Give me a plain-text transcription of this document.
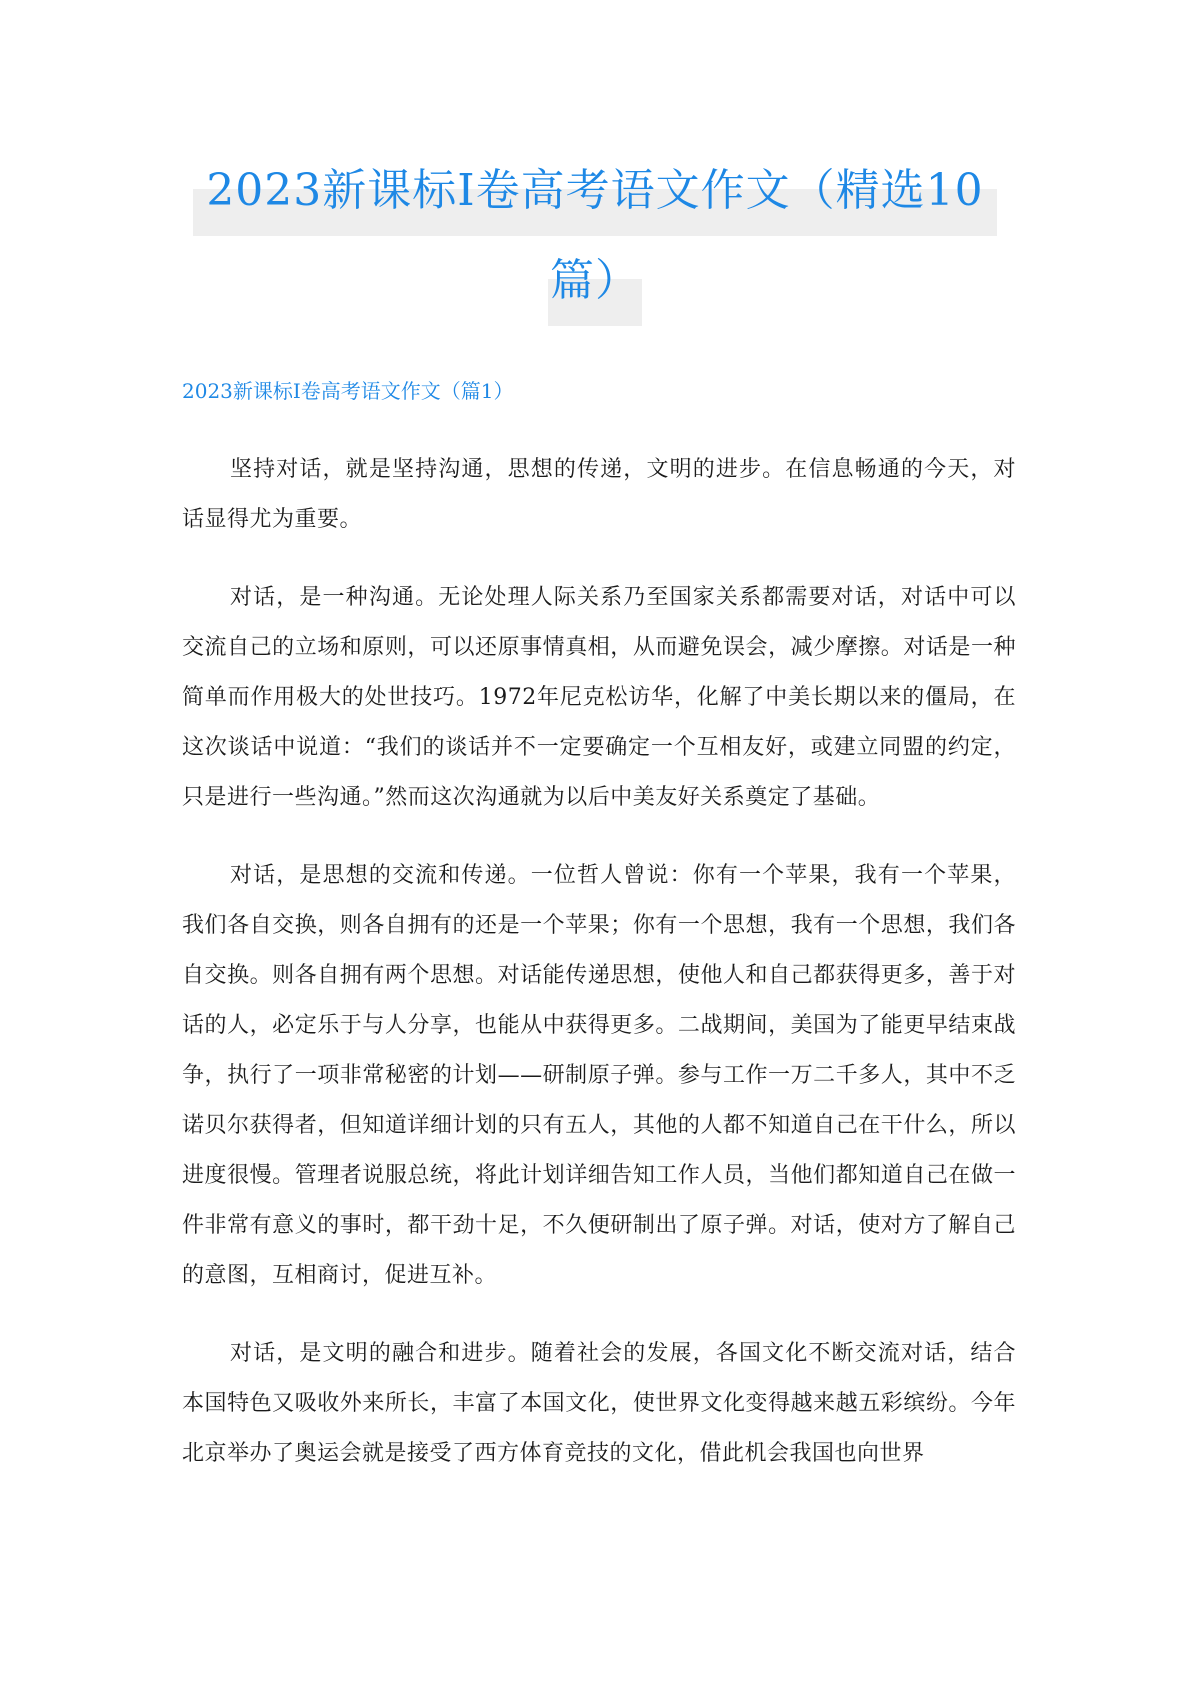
2023新课标Ⅰ卷高考语文作文（精选10
篇）
2023新课标Ⅰ卷高考语文作文（篇1）

坚持对话，就是坚持沟通，思想的传递，文明的进步。在信息畅通的今天，对话显得尤为重要。

对话，是一种沟通。无论处理人际关系乃至国家关系都需要对话，对话中可以交流自己的立场和原则，可以还原事情真相，从而避免误会，减少摩擦。对话是一种简单而作用极大的处世技巧。1972年尼克松访华，化解了中美长期以来的僵局，在这次谈话中说道：“我们的谈话并不一定要确定一个互相友好，或建立同盟的约定，只是进行一些沟通。”然而这次沟通就为以后中美友好关系奠定了基础。

对话，是思想的交流和传递。一位哲人曾说：你有一个苹果，我有一个苹果，我们各自交换，则各自拥有的还是一个苹果；你有一个思想，我有一个思想，我们各自交换。则各自拥有两个思想。对话能传递思想，使他人和自己都获得更多，善于对话的人，必定乐于与人分享，也能从中获得更多。二战期间，美国为了能更早结束战争，执行了一项非常秘密的计划——研制原子弹。参与工作一万二千多人，其中不乏诺贝尔获得者，但知道详细计划的只有五人，其他的人都不知道自己在干什么，所以进度很慢。管理者说服总统，将此计划详细告知工作人员，当他们都知道自己在做一件非常有意义的事时，都干劲十足，不久便研制出了原子弹。对话，使对方了解自己的意图，互相商讨，促进互补。

对话，是文明的融合和进步。随着社会的发展，各国文化不断交流对话，结合本国特色又吸收外来所长，丰富了本国文化，使世界文化变得越来越五彩缤纷。今年北京举办了奥运会就是接受了西方体育竞技的文化，借此机会我国也向世界
